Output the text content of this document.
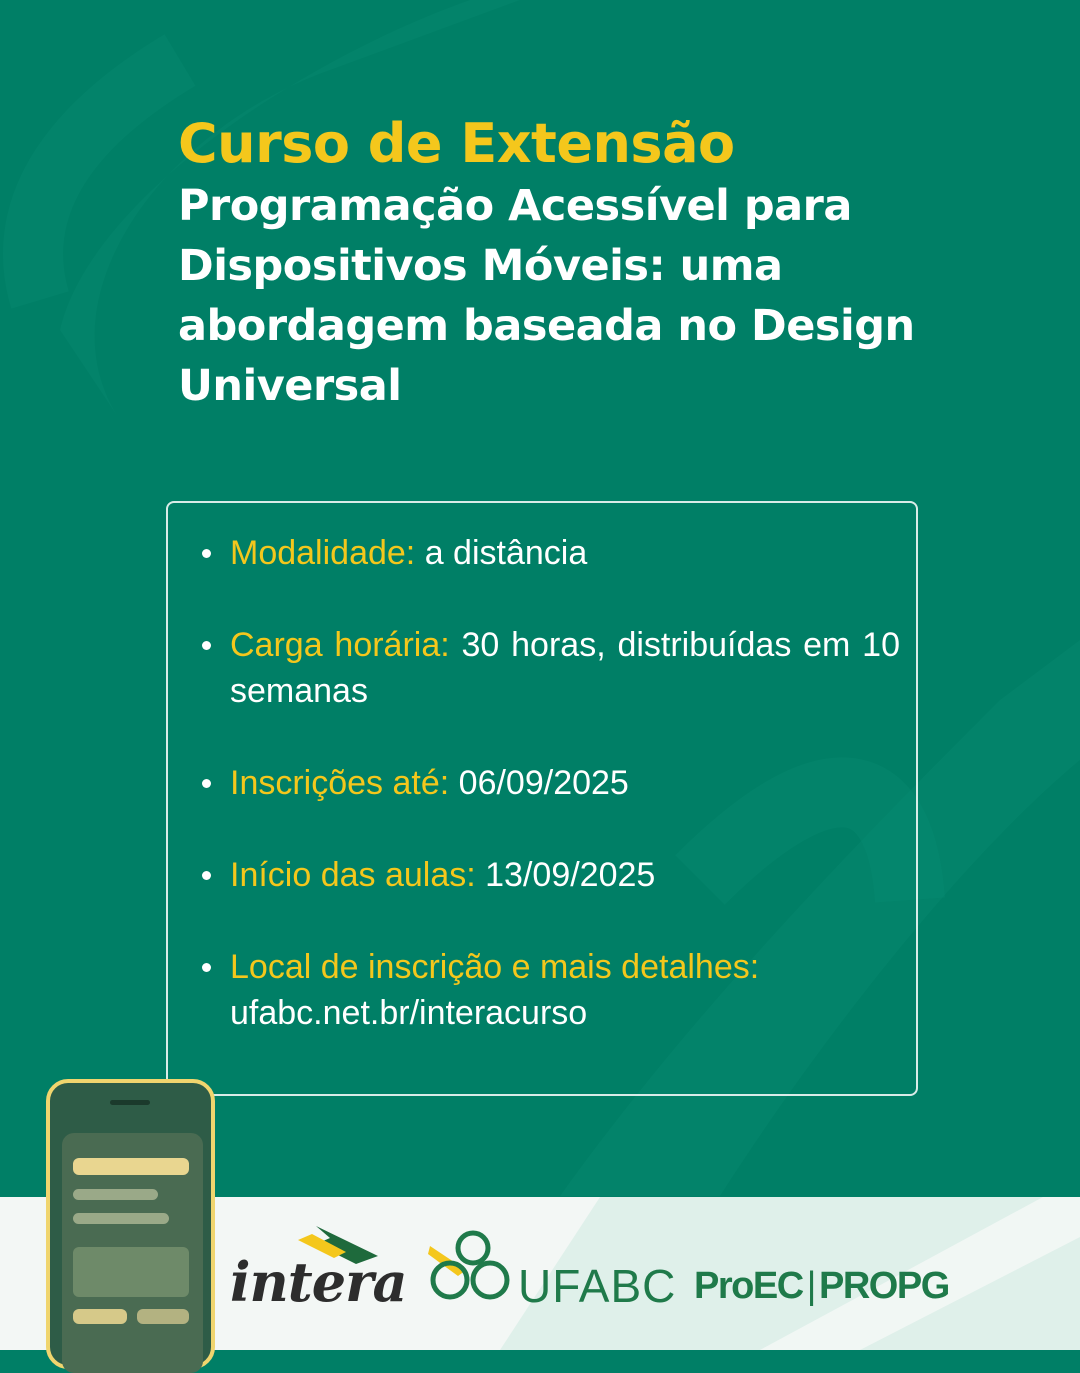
Curso de Extensão
Programação Acessível para Dispositivos Móveis: uma abordagem baseada no Design Universal
Modalidade: a distância
Carga horária: 30 horas, distribuídas em 10 semanas
Inscrições até: 06/09/2025
Início das aulas: 13/09/2025
Local de inscrição e mais detalhes:
ufabc.net.br/interacurso
intera UFABC ProEC | PROPG
